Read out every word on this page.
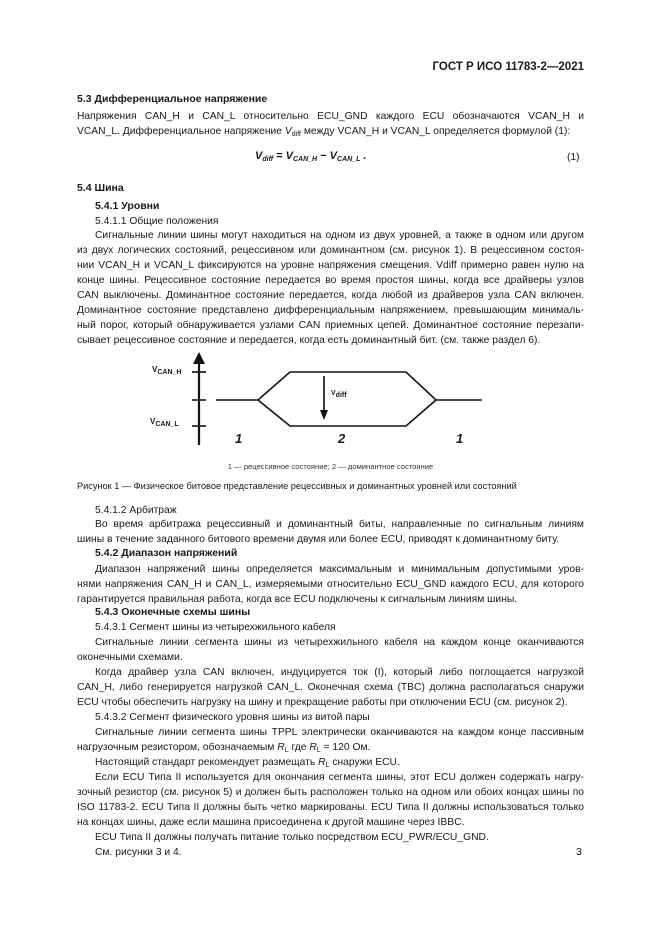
ГОСТ Р ИСО 11783-2—2021
5.3 Дифференциальное напряжение
Напряжения CAN_H и CAN_L относительно ECU_GND каждого ECU обозначаются VCAN_H и
VCAN_L. Дифференциальное напряжение $V_{diff}$ между VCAN_H и VCAN_L определяется формулой (1):
$V_{diff} = V_{CAN\_H} - V_{CAN\_L}$ .	(1)
5.4 Шина
5.4.1 Уровни
5.4.1.1 Общие положения
Сигнальные линии шины могут находиться на одном из двух уровней, а также в одном или другом
из двух логических состояний, рецессивном или доминантном (см. рисунок 1). В рецессивном состоя-
нии VCAN_H и VCAN_L фиксируются на уровне напряжения смещения. Vdiff примерно равен нулю на
конце шины. Рецессивное состояние передается во время простоя шины, когда все драйверы узлов
CAN выключены. Доминантное состояние передается, когда любой из драйверов узла CAN включен.
Доминантное состояние представлено дифференциальным напряжением, превышающим минималь-
ный порог, который обнаруживается узлами CAN приемных цепей. Доминантное состояние перезапи-
сывает рецессивное состояние и передается, когда есть доминантный бит. (см. также раздел 6).
$V_{CAN\_H}$
$V_{CAN\_L}$
$V_{diff}$
1	2	1
1 — рецессивное состояние; 2 — доминантное состояние
Рисунок 1 — Физическое битовое представление рецессивных и доминантных уровней или состояний
5.4.1.2 Арбитраж
Во время арбитража рецессивный и доминантный биты, направленные по сигнальным линиям
шины в течение заданного битового времени двумя или более ECU, приводят к доминантному биту.
5.4.2 Диапазон напряжений
Диапазон напряжений шины определяется максимальным и минимальным допустимыми уров-
нями напряжения CAN_H и CAN_L, измеряемыми относительно ECU_GND каждого ECU, для которого
гарантируется правильная работа, когда все ECU подключены к сигнальным линиям шины.
5.4.3 Оконечные схемы шины
5.4.3.1 Сегмент шины из четырехжильного кабеля
Сигнальные линии сегмента шины из четырехжильного кабеля на каждом конце оканчиваются
оконечными схемами.
Когда драйвер узла CAN включен, индуцируется ток (I), который либо поглощается нагрузкой
CAN_H, либо генерируется нагрузкой CAN_L. Оконечная схема (TBC) должна располагаться снаружи
ECU чтобы обеспечить нагрузку на шину и прекращение работы при отключении ECU (см. рисунок 2).
5.4.3.2 Сегмент физического уровня шины из витой пары
Сигнальные линии сегмента шины TPPL электрически оканчиваются на каждом конце пассивным
нагрузочным резистором, обозначаемым $R_L$ где $R_L = 120$ Ом.
Настоящий стандарт рекомендует размещать $R_L$ снаружи ECU.
Если ECU Типа II используется для окончания сегмента шины, этот ECU должен содержать нагру-
зочный резистор (см. рисунок 5) и должен быть расположен только на одном или обоих концах шины по
ISO 11783-2. ECU Типа II должны быть четко маркированы. ECU Типа II должны использоваться только
на концах шины, даже если машина присоединена к другой машине через IBBC.
ECU Типа II должны получать питание только посредством ECU_PWR/ECU_GND.
См. рисунки 3 и 4.	3
